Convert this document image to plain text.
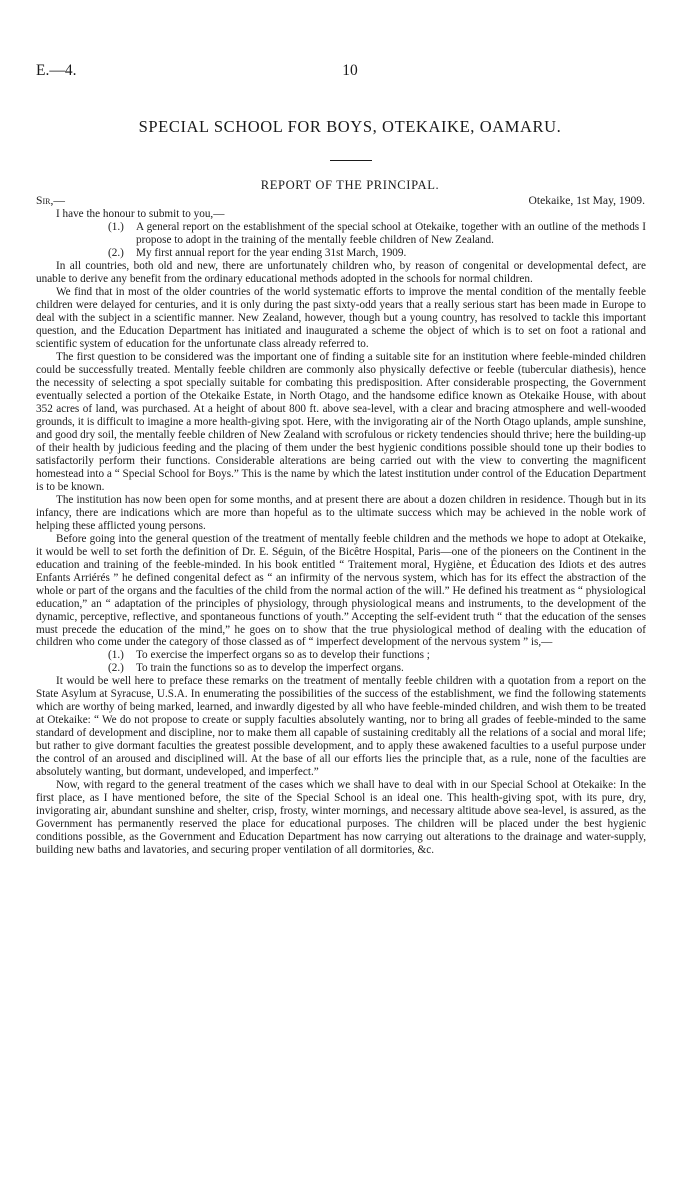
E.—4.	10
SPECIAL SCHOOL FOR BOYS, OTEKAIKE, OAMARU.
REPORT OF THE PRINCIPAL.
Sir,—	Otekaike, 1st May, 1909.

I have the honour to submit to you,—

(1.)	A general report on the establishment of the special school at Otekaike, together with an outline of the methods I propose to adopt in the training of the mentally feeble children of New Zealand.
(2.)	My first annual report for the year ending 31st March, 1909.

In all countries, both old and new, there are unfortunately children who, by reason of congenital or developmental defect, are unable to derive any benefit from the ordinary educational methods adopted in the schools for normal children.

We find that in most of the older countries of the world systematic efforts to improve the mental condition of the mentally feeble children were delayed for centuries, and it is only during the past sixty-odd years that a really serious start has been made in Europe to deal with the subject in a scientific manner. New Zealand, however, though but a young country, has resolved to tackle this important question, and the Education Department has initiated and inaugurated a scheme the object of which is to set on foot a rational and scientific system of education for the unfortunate class already referred to.

The first question to be considered was the important one of finding a suitable site for an institution where feeble-minded children could be successfully treated. Mentally feeble children are commonly also physically defective or feeble (tubercular diathesis), hence the necessity of selecting a spot specially suitable for combating this predisposition. After considerable prospecting, the Government eventually selected a portion of the Otekaike Estate, in North Otago, and the handsome edifice known as Otekaike House, with about 352 acres of land, was purchased. At a height of about 800 ft. above sea-level, with a clear and bracing atmosphere and well-wooded grounds, it is difficult to imagine a more health-giving spot. Here, with the invigorating air of the North Otago uplands, ample sunshine, and good dry soil, the mentally feeble children of New Zealand with scrofulous or rickety tendencies should thrive; here the building-up of their health by judicious feeding and the placing of them under the best hygienic conditions possible should tone up their bodies to satisfactorily perform their functions. Considerable alterations are being carried out with the view to converting the magnificent homestead into a “ Special School for Boys.” This is the name by which the latest institution under control of the Education Department is to be known.

The institution has now been open for some months, and at present there are about a dozen children in residence. Though but in its infancy, there are indications which are more than hopeful as to the ultimate success which may be achieved in the noble work of helping these afflicted young persons.

Before going into the general question of the treatment of mentally feeble children and the methods we hope to adopt at Otekaike, it would be well to set forth the definition of Dr. E. Séguin, of the Bicêtre Hospital, Paris—one of the pioneers on the Continent in the education and training of the feeble-minded. In his book entitled “ Traitement moral, Hygiène, et Éducation des Idiots et des autres Enfants Arriérés ” he defined congenital defect as “ an infirmity of the nervous system, which has for its effect the abstraction of the whole or part of the organs and the faculties of the child from the normal action of the will.” He defined his treatment as “ physiological education,” an “ adaptation of the principles of physiology, through physiological means and instruments, to the development of the dynamic, perceptive, reflective, and spontaneous functions of youth.” Accepting the self-evident truth “ that the education of the senses must precede the education of the mind,” he goes on to show that the true physiological method of dealing with the education of children who come under the category of those classed as of “ imperfect development of the nervous system ” is,—

(1.)	To exercise the imperfect organs so as to develop their functions ;
(2.)	To train the functions so as to develop the imperfect organs.

It would be well here to preface these remarks on the treatment of mentally feeble children with a quotation from a report on the State Asylum at Syracuse, U.S.A. In enumerating the possibilities of the success of the establishment, we find the following statements which are worthy of being marked, learned, and inwardly digested by all who have feeble-minded children, and wish them to be treated at Otekaike: “ We do not propose to create or supply faculties absolutely wanting, nor to bring all grades of feeble-minded to the same standard of development and discipline, nor to make them all capable of sustaining creditably all the relations of a social and moral life; but rather to give dormant faculties the greatest possible development, and to apply these awakened faculties to a useful purpose under the control of an aroused and disciplined will. At the base of all our efforts lies the principle that, as a rule, none of the faculties are absolutely wanting, but dormant, undeveloped, and imperfect.”

Now, with regard to the general treatment of the cases which we shall have to deal with in our Special School at Otekaike: In the first place, as I have mentioned before, the site of the Special School is an ideal one. This health-giving spot, with its pure, dry, invigorating air, abundant sunshine and shelter, crisp, frosty, winter mornings, and necessary altitude above sea-level, is assured, as the Government has permanently reserved the place for educational purposes. The children will be placed under the best hygienic conditions possible, as the Government and Education Department has now carrying out alterations to the drainage and water-supply, building new baths and lavatories, and securing proper ventilation of all dormitories, &c.
